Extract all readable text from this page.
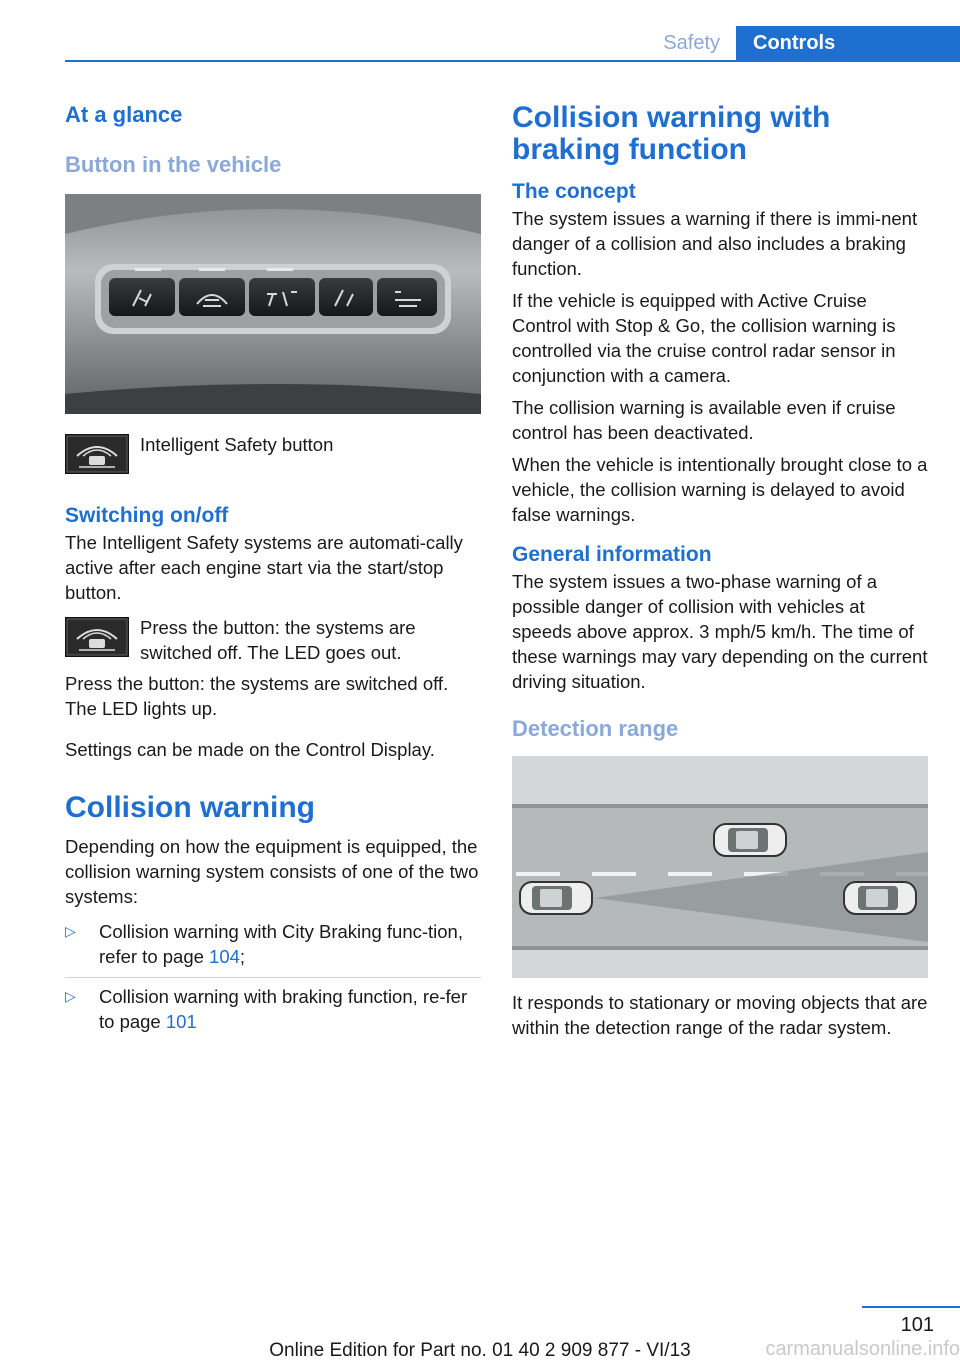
Safety	Controls
At a glance
Button in the vehicle
Intelligent Safety button
Switching on/off

The Intelligent Safety systems are automati‐cally active after each engine start via the start/stop button.

Press the button: the systems are switched off. The LED goes out.

Press the button: the systems are switched off. The LED lights up.

Settings can be made on the Control Display.

Collision warning

Depending on how the equipment is equipped, the collision warning system consists of one of the two systems:

▷	Collision warning with City Braking func‐tion, refer to page 104;
▷	Collision warning with braking function, re‐fer to page 101
Collision warning with braking function
The concept

The system issues a warning if there is immi‐nent danger of a collision and also includes a braking function.

If the vehicle is equipped with Active Cruise Control with Stop & Go, the collision warning is controlled via the cruise control radar sensor in conjunction with a camera.

The collision warning is available even if cruise control has been deactivated.

When the vehicle is intentionally brought close to a vehicle, the collision warning is delayed to avoid false warnings.

General information

The system issues a two-phase warning of a possible danger of collision with vehicles at speeds above approx. 3 mph/5 km/h. The time of these warnings may vary depending on the current driving situation.

Detection range

It responds to stationary or moving objects that are within the detection range of the radar system.

101
Online Edition for Part no. 01 40 2 909 877 - VI/13	carmanualsonline.info
